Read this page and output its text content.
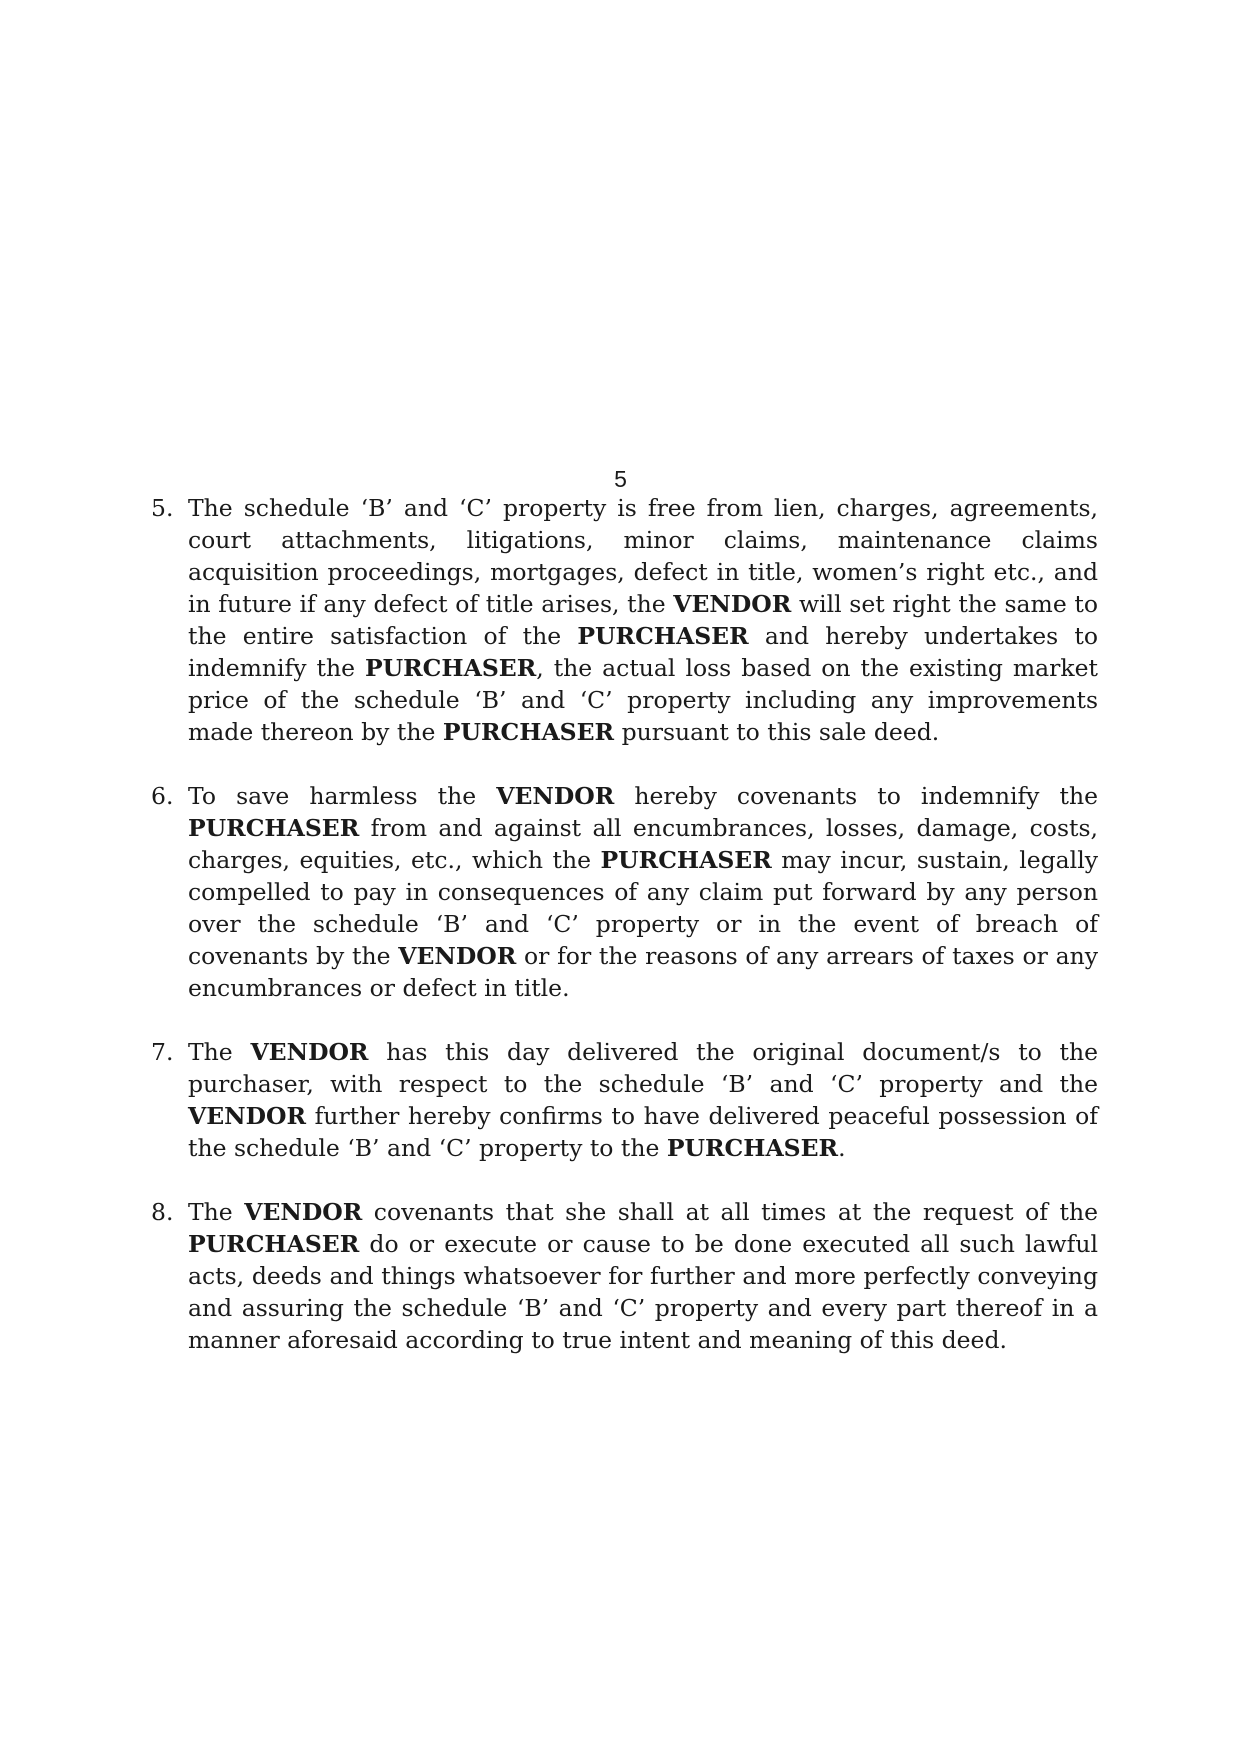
5
5. The schedule ‘B’ and ‘C’ property is free from lien, charges, agreements, court attachments, litigations, minor claims, maintenance claims acquisition proceedings, mortgages, defect in title, women’s right etc., and in future if any defect of title arises, the VENDOR will set right the same to the entire satisfaction of the PURCHASER and hereby undertakes to indemnify the PURCHASER, the actual loss based on the existing market price of the schedule ‘B’ and ‘C’ property including any improvements made thereon by the PURCHASER pursuant to this sale deed.
6. To save harmless the VENDOR hereby covenants to indemnify the PURCHASER from and against all encumbrances, losses, damage, costs, charges, equities, etc., which the PURCHASER may incur, sustain, legally compelled to pay in consequences of any claim put forward by any person over the schedule ‘B’ and ‘C’ property or in the event of breach of covenants by the VENDOR or for the reasons of any arrears of taxes or any encumbrances or defect in title.
7. The VENDOR has this day delivered the original document/s to the purchaser, with respect to the schedule ‘B’ and ‘C’ property and the VENDOR further hereby confirms to have delivered peaceful possession of the schedule ‘B’ and ‘C’ property to the PURCHASER.
8. The VENDOR covenants that she shall at all times at the request of the PURCHASER do or execute or cause to be done executed all such lawful acts, deeds and things whatsoever for further and more perfectly conveying and assuring the schedule ‘B’ and ‘C’ property and every part thereof in a manner aforesaid according to true intent and meaning of this deed.
